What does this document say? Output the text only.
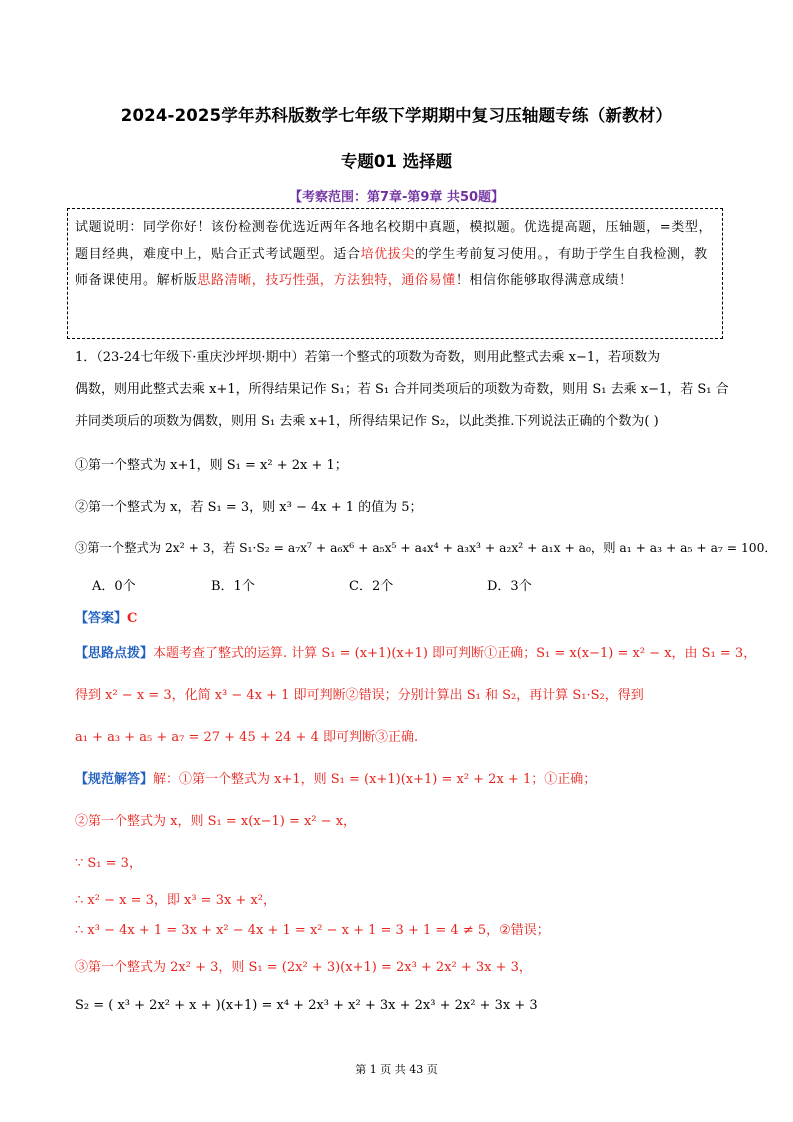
2024-2025学年苏科版数学七年级下学期期中复习压轴题专练（新教材）
专题01 选择题
【考察范围：第7章-第9章 共50题】
试题说明：同学你好！该份检测卷优选近两年各地名校期中真题，模拟题。优选提高题，压轴题，=类型，题目经典，难度中上，贴合正式考试题型。适合培优拔尖的学生考前复习使用。，有助于学生自我检测，教师备课使用。解析版思路清晰，技巧性强，方法独特，通俗易懂！相信你能够取得满意成绩！
1．（23-24七年级下·重庆沙坪坝·期中）若第一个整式的项数为奇数，则用此整式去乘 x−1，若项数为
偶数，则用此整式去乘 x+1，所得结果记作 S₁；若 S₁ 合并同类项后的项数为奇数，则用 S₁ 去乘 x−1，若 S₁ 合
并同类项后的项数为偶数，则用 S₁ 去乘 x+1，所得结果记作 S₂，以此类推.下列说法正确的个数为( )
①第一个整式为 x+1，则 S₁ = x² + 2x + 1；
②第一个整式为 x，若 S₁ = 3，则 x³ − 4x + 1 的值为 5；
③第一个整式为 2x² + 3，若 S₁·S₂ = a₇x⁷ + a₆x⁶ + a₅x⁵ + a₄x⁴ + a₃x³ + a₂x² + a₁x + a₀，则 a₁ + a₃ + a₅ + a₇ = 100．
A．0个	B．1个	C．2个	D．3个
【答案】C
【思路点拨】本题考查了整式的运算. 计算 S₁ = (x+1)(x+1) 即可判断①正确；S₁ = x(x−1) = x² − x，由 S₁ = 3，
得到 x² − x = 3，化简 x³ − 4x + 1 即可判断②错误；分别计算出 S₁ 和 S₂，再计算 S₁·S₂，得到
a₁ + a₃ + a₅ + a₇ = 27 + 45 + 24 + 4 即可判断③正确.
【规范解答】解：①第一个整式为 x+1，则 S₁ = (x+1)(x+1) = x² + 2x + 1；①正确；
②第一个整式为 x，则 S₁ = x(x−1) = x² − x，
∵ S₁ = 3，
∴ x² − x = 3，即 x³ = 3x + x²，
∴ x³ − 4x + 1 = 3x + x² − 4x + 1 = x² − x + 1 = 3 + 1 = 4 ≠ 5，②错误；
③第一个整式为 2x² + 3，则 S₁ = (2x² + 3)(x+1) = 2x³ + 2x² + 3x + 3，
S₂ = ( x³ + 2x² + x + )(x+1) = x⁴ + 2x³ + x² + 3x + 2x³ + 2x² + 3x + 3
第 1 页 共 43 页
